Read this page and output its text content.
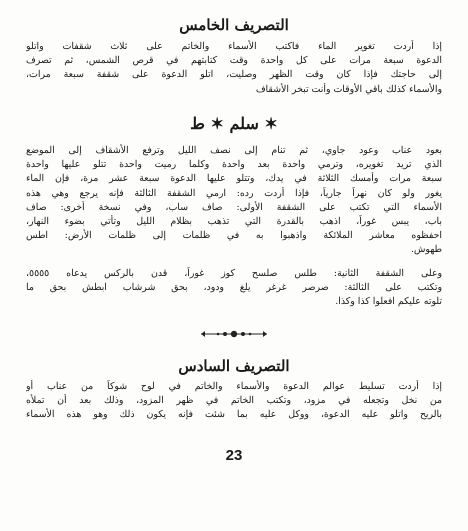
التصريف الخامس
إذا أردت تغوير الماء فاكتب الأسماء والخاتم على ثلاث شقفات واتلو
الدعوة سبعة مرات على كل واحدة وقت كتابتهم في قرص الشمس، ثم تصرف
إلى حاجتك فإذا كان وقت الظهر وصليت، اتلو الدعوة على شقفة سبعة مرات،
والأسماء كذلك باقي الأوقات وأنت تبخر الأشقاف
سلم ✶ ط ✶
بعود عناب وعود جاوي، ثم تنام إلى نصف الليل وترفع الأشقاف إلى الموضع
الذي تريد تغويره، وترمي واحدة بعد واحدة وكلما رميت واحدة تتلو عليها واحدة
سبعة مرات وأمسك الثلاثة في يدك، وتتلو عليها الدعوة سبعة عشر مرة، فإن الماء
يغور ولو كان نهراً جارياً، فإذا أردت رده: ارمي الشقفة الثالثة فإنه يرجع وهي هذه
الأسماء التي تكتب على الشقفة الأولى: صاف ساب، وفي نسخة أخرى: صاف
باب، يبس غوراً، اذهب بالقدرة التي تذهب بظلام الليل وتأتي بضوء النهار،
احفظوه معاشر الملائكة واذهبوا به في ظلمات إلى ظلمات الأرض: اطس
طهوش.
وعلى الشقفة الثانية: طلس صلسح كوز غوراً، قدن بالركس يدعاه ٥٥٥٥،
وتكتب على الثالثة: صرصر غرغر يلغ ودود، بحق شرشاب ابطش بحق ما
تلوته عليكم افعلوا كذا وكذا.
التصريف السادس
إذا أردت تسليط عوالم الدعوة والأسماء والخاتم في لوح شوكاً من عناب أو
من نخل وتجعله في مزود، وتكتب الخاتم في ظهر المزود، وذلك بعد أن تملأه
بالريح واتلو عليه الدعوة، ووكل عليه بما شئت فإنه يكون ذلك وهو هذه الأسماء
23
